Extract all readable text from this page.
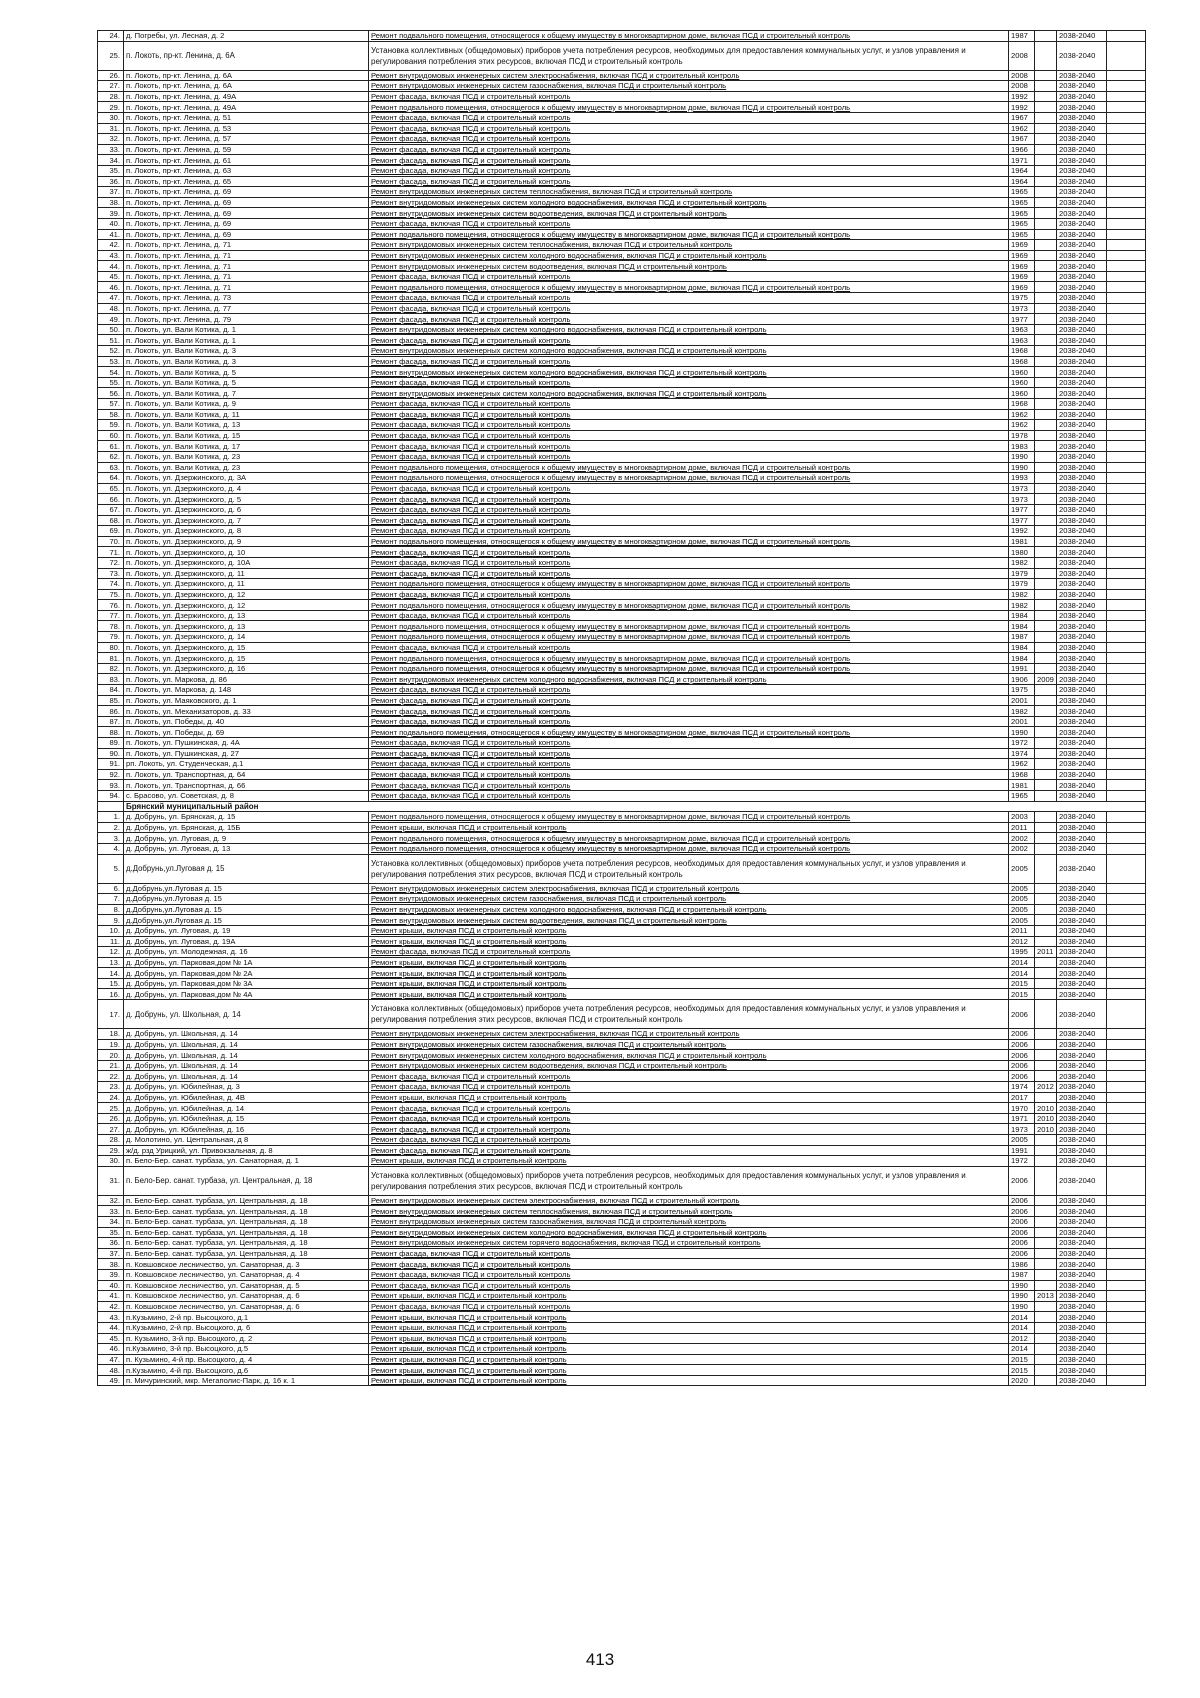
24.	д. Погребы, ул. Лесная, д. 2	Ремонт подвального помещения, относящегося к общему имуществу в многоквартирном доме, включая ПСД и строительный контроль	1987		2038-2040	
25.	п. Локоть, пр-кт. Ленина, д. 6А	Установка коллективных (общедомовых) приборов учета потребления ресурсов, необходимых для предоставления коммунальных услуг, и узлов управления и регулирования потребления этих ресурсов, включая ПСД и строительный контроль	2008		2038-2040	
26.	п. Локоть, пр-кт. Ленина, д. 6А	Ремонт внутридомовых инженерных систем электроснабжения, включая ПСД и строительный контроль	2008		2038-2040	
27.	п. Локоть, пр-кт. Ленина, д. 6А	Ремонт внутридомовых инженерных систем газоснабжения, включая ПСД и строительный контроль	2008		2038-2040	
28.	п. Локоть, пр-кт. Ленина, д. 49А	Ремонт фасада, включая ПСД и строительный контроль	1992		2038-2040	
29.	п. Локоть, пр-кт. Ленина, д. 49А	Ремонт подвального помещения, относящегося к общему имуществу в многоквартирном доме, включая ПСД и строительный контроль	1992		2038-2040	
30.	п. Локоть, пр-кт. Ленина, д. 51	Ремонт фасада, включая ПСД и строительный контроль	1967		2038-2040	
31.	п. Локоть, пр-кт. Ленина, д. 53	Ремонт фасада, включая ПСД и строительный контроль	1962		2038-2040	
32.	п. Локоть, пр-кт. Ленина, д. 57	Ремонт фасада, включая ПСД и строительный контроль	1967		2038-2040	
33.	п. Локоть, пр-кт. Ленина, д. 59	Ремонт фасада, включая ПСД и строительный контроль	1966		2038-2040	
34.	п. Локоть, пр-кт. Ленина, д. 61	Ремонт фасада, включая ПСД и строительный контроль	1971		2038-2040	
35.	п. Локоть, пр-кт. Ленина, д. 63	Ремонт фасада, включая ПСД и строительный контроль	1964		2038-2040	
36.	п. Локоть, пр-кт. Ленина, д. 65	Ремонт фасада, включая ПСД и строительный контроль	1964		2038-2040	
37.	п. Локоть, пр-кт. Ленина, д. 69	Ремонт внутридомовых инженерных систем теплоснабжения, включая ПСД и строительный контроль	1965		2038-2040	
38.	п. Локоть, пр-кт. Ленина, д. 69	Ремонт внутридомовых инженерных систем холодного водоснабжения, включая ПСД и строительный контроль	1965		2038-2040	
39.	п. Локоть, пр-кт. Ленина, д. 69	Ремонт внутридомовых инженерных систем водоотведения, включая ПСД и строительный контроль	1965		2038-2040	
40.	п. Локоть, пр-кт. Ленина, д. 69	Ремонт фасада, включая ПСД и строительный контроль	1965		2038-2040	
41.	п. Локоть, пр-кт. Ленина, д. 69	Ремонт подвального помещения, относящегося к общему имуществу в многоквартирном доме, включая ПСД и строительный контроль	1965		2038-2040	
42.	п. Локоть, пр-кт. Ленина, д. 71	Ремонт внутридомовых инженерных систем теплоснабжения, включая ПСД и строительный контроль	1969		2038-2040	
43.	п. Локоть, пр-кт. Ленина, д. 71	Ремонт внутридомовых инженерных систем холодного водоснабжения, включая ПСД и строительный контроль	1969		2038-2040	
44.	п. Локоть, пр-кт. Ленина, д. 71	Ремонт внутридомовых инженерных систем водоотведения, включая ПСД и строительный контроль	1969		2038-2040	
45.	п. Локоть, пр-кт. Ленина, д. 71	Ремонт фасада, включая ПСД и строительный контроль	1969		2038-2040	
46.	п. Локоть, пр-кт. Ленина, д. 71	Ремонт подвального помещения, относящегося к общему имуществу в многоквартирном доме, включая ПСД и строительный контроль	1969		2038-2040	
47.	п. Локоть, пр-кт. Ленина, д. 73	Ремонт фасада, включая ПСД и строительный контроль	1975		2038-2040	
48.	п. Локоть, пр-кт. Ленина, д. 77	Ремонт фасада, включая ПСД и строительный контроль	1973		2038-2040	
49.	п. Локоть, пр-кт. Ленина, д. 79	Ремонт фасада, включая ПСД и строительный контроль	1977		2038-2040	
50.	п. Локоть, ул. Вали Котика, д. 1	Ремонт внутридомовых инженерных систем холодного водоснабжения, включая ПСД и строительный контроль	1963		2038-2040	
51.	п. Локоть, ул. Вали Котика, д. 1	Ремонт фасада, включая ПСД и строительный контроль	1963		2038-2040	
52.	п. Локоть, ул. Вали Котика, д. 3	Ремонт внутридомовых инженерных систем холодного водоснабжения, включая ПСД и строительный контроль	1968		2038-2040	
53.	п. Локоть, ул. Вали Котика, д. 3	Ремонт фасада, включая ПСД и строительный контроль	1968		2038-2040	
54.	п. Локоть, ул. Вали Котика, д. 5	Ремонт внутридомовых инженерных систем холодного водоснабжения, включая ПСД и строительный контроль	1960		2038-2040	
55.	п. Локоть, ул. Вали Котика, д. 5	Ремонт фасада, включая ПСД и строительный контроль	1960		2038-2040	
56.	п. Локоть, ул. Вали Котика, д. 7	Ремонт внутридомовых инженерных систем холодного водоснабжения, включая ПСД и строительный контроль	1960		2038-2040	
57.	п. Локоть, ул. Вали Котика, д. 9	Ремонт фасада, включая ПСД и строительный контроль	1968		2038-2040	
58.	п. Локоть, ул. Вали Котика, д. 11	Ремонт фасада, включая ПСД и строительный контроль	1962		2038-2040	
59.	п. Локоть, ул. Вали Котика, д. 13	Ремонт фасада, включая ПСД и строительный контроль	1962		2038-2040	
60.	п. Локоть, ул. Вали Котика, д. 15	Ремонт фасада, включая ПСД и строительный контроль	1978		2038-2040	
61.	п. Локоть, ул. Вали Котика, д. 17	Ремонт фасада, включая ПСД и строительный контроль	1983		2038-2040	
62.	п. Локоть, ул. Вали Котика, д. 23	Ремонт фасада, включая ПСД и строительный контроль	1990		2038-2040	
63.	п. Локоть, ул. Вали Котика, д. 23	Ремонт подвального помещения, относящегося к общему имуществу в многоквартирном доме, включая ПСД и строительный контроль	1990		2038-2040	
64.	п. Локоть, ул. Дзержинского, д. 3А	Ремонт подвального помещения, относящегося к общему имуществу в многоквартирном доме, включая ПСД и строительный контроль	1993		2038-2040	
65.	п. Локоть, ул. Дзержинского, д. 4	Ремонт фасада, включая ПСД и строительный контроль	1973		2038-2040	
66.	п. Локоть, ул. Дзержинского, д. 5	Ремонт фасада, включая ПСД и строительный контроль	1973		2038-2040	
67.	п. Локоть, ул. Дзержинского, д. 6	Ремонт фасада, включая ПСД и строительный контроль	1977		2038-2040	
68.	п. Локоть, ул. Дзержинского, д. 7	Ремонт фасада, включая ПСД и строительный контроль	1977		2038-2040	
69.	п. Локоть, ул. Дзержинского, д. 8	Ремонт фасада, включая ПСД и строительный контроль	1992		2038-2040	
70.	п. Локоть, ул. Дзержинского, д. 9	Ремонт подвального помещения, относящегося к общему имуществу в многоквартирном доме, включая ПСД и строительный контроль	1981		2038-2040	
71.	п. Локоть, ул. Дзержинского, д. 10	Ремонт фасада, включая ПСД и строительный контроль	1980		2038-2040	
72.	п. Локоть, ул. Дзержинского, д. 10А	Ремонт фасада, включая ПСД и строительный контроль	1982		2038-2040	
73.	п. Локоть, ул. Дзержинского, д. 11	Ремонт фасада, включая ПСД и строительный контроль	1979		2038-2040	
74.	п. Локоть, ул. Дзержинского, д. 11	Ремонт подвального помещения, относящегося к общему имуществу в многоквартирном доме, включая ПСД и строительный контроль	1979		2038-2040	
75.	п. Локоть, ул. Дзержинского, д. 12	Ремонт фасада, включая ПСД и строительный контроль	1982		2038-2040	
76.	п. Локоть, ул. Дзержинского, д. 12	Ремонт подвального помещения, относящегося к общему имуществу в многоквартирном доме, включая ПСД и строительный контроль	1982		2038-2040	
77.	п. Локоть, ул. Дзержинского, д. 13	Ремонт фасада, включая ПСД и строительный контроль	1984		2038-2040	
78.	п. Локоть, ул. Дзержинского, д. 13	Ремонт подвального помещения, относящегося к общему имуществу в многоквартирном доме, включая ПСД и строительный контроль	1984		2038-2040	
79.	п. Локоть, ул. Дзержинского, д. 14	Ремонт подвального помещения, относящегося к общему имуществу в многоквартирном доме, включая ПСД и строительный контроль	1987		2038-2040	
80.	п. Локоть, ул. Дзержинского, д. 15	Ремонт фасада, включая ПСД и строительный контроль	1984		2038-2040	
81.	п. Локоть, ул. Дзержинского, д. 15	Ремонт подвального помещения, относящегося к общему имуществу в многоквартирном доме, включая ПСД и строительный контроль	1984		2038-2040	
82.	п. Локоть, ул. Дзержинского, д. 16	Ремонт подвального помещения, относящегося к общему имуществу в многоквартирном доме, включая ПСД и строительный контроль	1991		2038-2040	
83.	п. Локоть, ул. Маркова, д. 86	Ремонт внутридомовых инженерных систем холодного водоснабжения, включая ПСД и строительный контроль	1906	2009	2038-2040	
84.	п. Локоть, ул. Маркова, д. 148	Ремонт фасада, включая ПСД и строительный контроль	1975		2038-2040	
85.	п. Локоть, ул. Маяковского, д. 1	Ремонт фасада, включая ПСД и строительный контроль	2001		2038-2040	
86.	п. Локоть, ул. Механизаторов, д. 33	Ремонт фасада, включая ПСД и строительный контроль	1982		2038-2040	
87.	п. Локоть, ул. Победы, д. 40	Ремонт фасада, включая ПСД и строительный контроль	2001		2038-2040	
88.	п. Локоть, ул. Победы, д. 69	Ремонт подвального помещения, относящегося к общему имуществу в многоквартирном доме, включая ПСД и строительный контроль	1990		2038-2040	
89.	п. Локоть, ул. Пушкинская, д. 4А	Ремонт фасада, включая ПСД и строительный контроль	1972		2038-2040	
90.	п. Локоть, ул. Пушкинская, д. 27	Ремонт фасада, включая ПСД и строительный контроль	1974		2038-2040	
91.	рп. Локоть, ул. Студенческая, д.1	Ремонт фасада, включая ПСД и строительный контроль	1962		2038-2040	
92.	п. Локоть, ул. Транспортная, д. 64	Ремонт фасада, включая ПСД и строительный контроль	1968		2038-2040	
93.	п. Локоть, ул. Транспортная, д. 66	Ремонт фасада, включая ПСД и строительный контроль	1981		2038-2040	
94.	с. Брасово, ул. Советская, д. 8	Ремонт фасада, включая ПСД и строительный контроль	1965		2038-2040	
	Брянский муниципальный район					
1.	д. Добрунь, ул. Брянская, д. 15	Ремонт подвального помещения, относящегося к общему имуществу в многоквартирном доме, включая ПСД и строительный контроль	2003		2038-2040	
2.	д. Добрунь, ул. Брянская, д. 15Б	Ремонт крыши, включая ПСД и строительный контроль	2011		2038-2040	
3.	д. Добрунь, ул. Луговая, д. 9	Ремонт подвального помещения, относящегося к общему имуществу в многоквартирном доме, включая ПСД и строительный контроль	2002		2038-2040	
4.	д. Добрунь, ул. Луговая, д. 13	Ремонт подвального помещения, относящегося к общему имуществу в многоквартирном доме, включая ПСД и строительный контроль	2002		2038-2040	
5.	д.Добрунь,ул.Луговая д. 15	Установка коллективных (общедомовых) приборов учета потребления ресурсов, необходимых для предоставления коммунальных услуг, и узлов управления и регулирования потребления этих ресурсов, включая ПСД и строительный контроль	2005		2038-2040	
6.	д.Добрунь,ул.Луговая д. 15	Ремонт внутридомовых инженерных систем электроснабжения, включая ПСД и строительный контроль	2005		2038-2040	
7.	д.Добрунь,ул.Луговая д. 15	Ремонт внутридомовых инженерных систем газоснабжения, включая ПСД и строительный контроль	2005		2038-2040	
8.	д.Добрунь,ул.Луговая д. 15	Ремонт внутридомовых инженерных систем холодного водоснабжения, включая ПСД и строительный контроль	2005		2038-2040	
9.	д.Добрунь,ул.Луговая д. 15	Ремонт внутридомовых инженерных систем водоотведения, включая ПСД и строительный контроль	2005		2038-2040	
10.	д. Добрунь, ул. Луговая, д. 19	Ремонт крыши, включая ПСД и строительный контроль	2011		2038-2040	
11.	д. Добрунь, ул. Луговая, д. 19А	Ремонт крыши, включая ПСД и строительный контроль	2012		2038-2040	
12.	д. Добрунь, ул. Молодежная, д. 16	Ремонт фасада, включая ПСД и строительный контроль	1995	2011	2038-2040	
13.	д. Добрунь, ул. Парковая,дом № 1А	Ремонт крыши, включая ПСД и строительный контроль	2014		2038-2040	
14.	д. Добрунь, ул. Парковая,дом № 2А	Ремонт крыши, включая ПСД и строительный контроль	2014		2038-2040	
15.	д. Добрунь, ул. Парковая,дом № 3А	Ремонт крыши, включая ПСД и строительный контроль	2015		2038-2040	
16.	д. Добрунь, ул. Парковая,дом № 4А	Ремонт крыши, включая ПСД и строительный контроль	2015		2038-2040	
17.	д. Добрунь, ул. Школьная, д. 14	Установка коллективных (общедомовых) приборов учета потребления ресурсов, необходимых для предоставления коммунальных услуг, и узлов управления и регулирования потребления этих ресурсов, включая ПСД и строительный контроль	2006		2038-2040	
18.	д. Добрунь, ул. Школьная, д. 14	Ремонт внутридомовых инженерных систем электроснабжения, включая ПСД и строительный контроль	2006		2038-2040	
19.	д. Добрунь, ул. Школьная, д. 14	Ремонт внутридомовых инженерных систем газоснабжения, включая ПСД и строительный контроль	2006		2038-2040	
20.	д. Добрунь, ул. Школьная, д. 14	Ремонт внутридомовых инженерных систем холодного водоснабжения, включая ПСД и строительный контроль	2006		2038-2040	
21.	д. Добрунь, ул. Школьная, д. 14	Ремонт внутридомовых инженерных систем водоотведения, включая ПСД и строительный контроль	2006		2038-2040	
22.	д. Добрунь, ул. Школьная, д. 14	Ремонт фасада, включая ПСД и строительный контроль	2006		2038-2040	
23.	д. Добрунь, ул. Юбилейная, д. 3	Ремонт фасада, включая ПСД и строительный контроль	1974	2012	2038-2040	
24.	д. Добрунь, ул. Юбилейная, д. 4В	Ремонт крыши, включая ПСД и строительный контроль	2017		2038-2040	
25.	д. Добрунь, ул. Юбилейная, д. 14	Ремонт фасада, включая ПСД и строительный контроль	1970	2010	2038-2040	
26.	д. Добрунь, ул. Юбилейная, д. 15	Ремонт фасада, включая ПСД и строительный контроль	1971	2010	2038-2040	
27.	д. Добрунь, ул. Юбилейная, д. 16	Ремонт фасада, включая ПСД и строительный контроль	1973	2010	2038-2040	
28.	д. Молотино, ул. Центральная, д 8	Ремонт фасада, включая ПСД и строительный контроль	2005		2038-2040	
29.	ж/д. рзд Урицкий, ул. Привокзальная, д. 8	Ремонт фасада, включая ПСД и строительный контроль	1991		2038-2040	
30.	п. Бело-Бер. санат. турбаза, ул. Санаторная, д. 1	Ремонт крыши, включая ПСД и строительный контроль	1972		2038-2040	
31.	п. Бело-Бер. санат. турбаза, ул. Центральная, д. 18	Установка коллективных (общедомовых) приборов учета потребления ресурсов, необходимых для предоставления коммунальных услуг, и узлов управления и регулирования потребления этих ресурсов, включая ПСД и строительный контроль	2006		2038-2040	
32.	п. Бело-Бер. санат. турбаза, ул. Центральная, д. 18	Ремонт внутридомовых инженерных систем электроснабжения, включая ПСД и строительный контроль	2006		2038-2040	
33.	п. Бело-Бер. санат. турбаза, ул. Центральная, д. 18	Ремонт внутридомовых инженерных систем теплоснабжения, включая ПСД и строительный контроль	2006		2038-2040	
34.	п. Бело-Бер. санат. турбаза, ул. Центральная, д. 18	Ремонт внутридомовых инженерных систем газоснабжения, включая ПСД и строительный контроль	2006		2038-2040	
35.	п. Бело-Бер. санат. турбаза, ул. Центральная, д. 18	Ремонт внутридомовых инженерных систем холодного водоснабжения, включая ПСД и строительный контроль	2006		2038-2040	
36.	п. Бело-Бер. санат. турбаза, ул. Центральная, д. 18	Ремонт внутридомовых инженерных систем горячего водоснабжения, включая ПСД и строительный контроль	2006		2038-2040	
37.	п. Бело-Бер. санат. турбаза, ул. Центральная, д. 18	Ремонт фасада, включая ПСД и строительный контроль	2006		2038-2040	
38.	п. Ковшовское лесничество, ул. Санаторная, д. 3	Ремонт фасада, включая ПСД и строительный контроль	1986		2038-2040	
39.	п. Ковшовское лесничество, ул. Санаторная, д. 4	Ремонт фасада, включая ПСД и строительный контроль	1987		2038-2040	
40.	п. Ковшовское лесничество, ул. Санаторная, д. 5	Ремонт фасада, включая ПСД и строительный контроль	1990		2038-2040	
41.	п. Ковшовское лесничество, ул. Санаторная, д. 6	Ремонт крыши, включая ПСД и строительный контроль	1990	2013	2038-2040	
42.	п. Ковшовское лесничество, ул. Санаторная, д. 6	Ремонт фасада, включая ПСД и строительный контроль	1990		2038-2040	
43.	п.Кузьмино, 2-й пр. Высоцкого, д.1	Ремонт крыши, включая ПСД и строительный контроль	2014		2038-2040	
44.	п.Кузьмино, 2-й пр. Высоцкого, д. 6	Ремонт крыши, включая ПСД и строительный контроль	2014		2038-2040	
45.	п. Кузьмино, 3-й пр. Высоцкого, д. 2	Ремонт крыши, включая ПСД и строительный контроль	2012		2038-2040	
46.	п.Кузьмино, 3-й пр. Высоцкого, д.5	Ремонт крыши, включая ПСД и строительный контроль	2014		2038-2040	
47.	п. Кузьмино, 4-й пр. Высоцкого, д. 4	Ремонт крыши, включая ПСД и строительный контроль	2015		2038-2040	
48.	п.Кузьмино, 4-й пр. Высоцкого, д.6	Ремонт крыши, включая ПСД и строительный контроль	2015		2038-2040	
49.	п. Мичуринский, мкр. Мегаполис-Парк, д. 16 к. 1	Ремонт крыши, включая ПСД и строительный контроль	2020		2038-2040	
413
